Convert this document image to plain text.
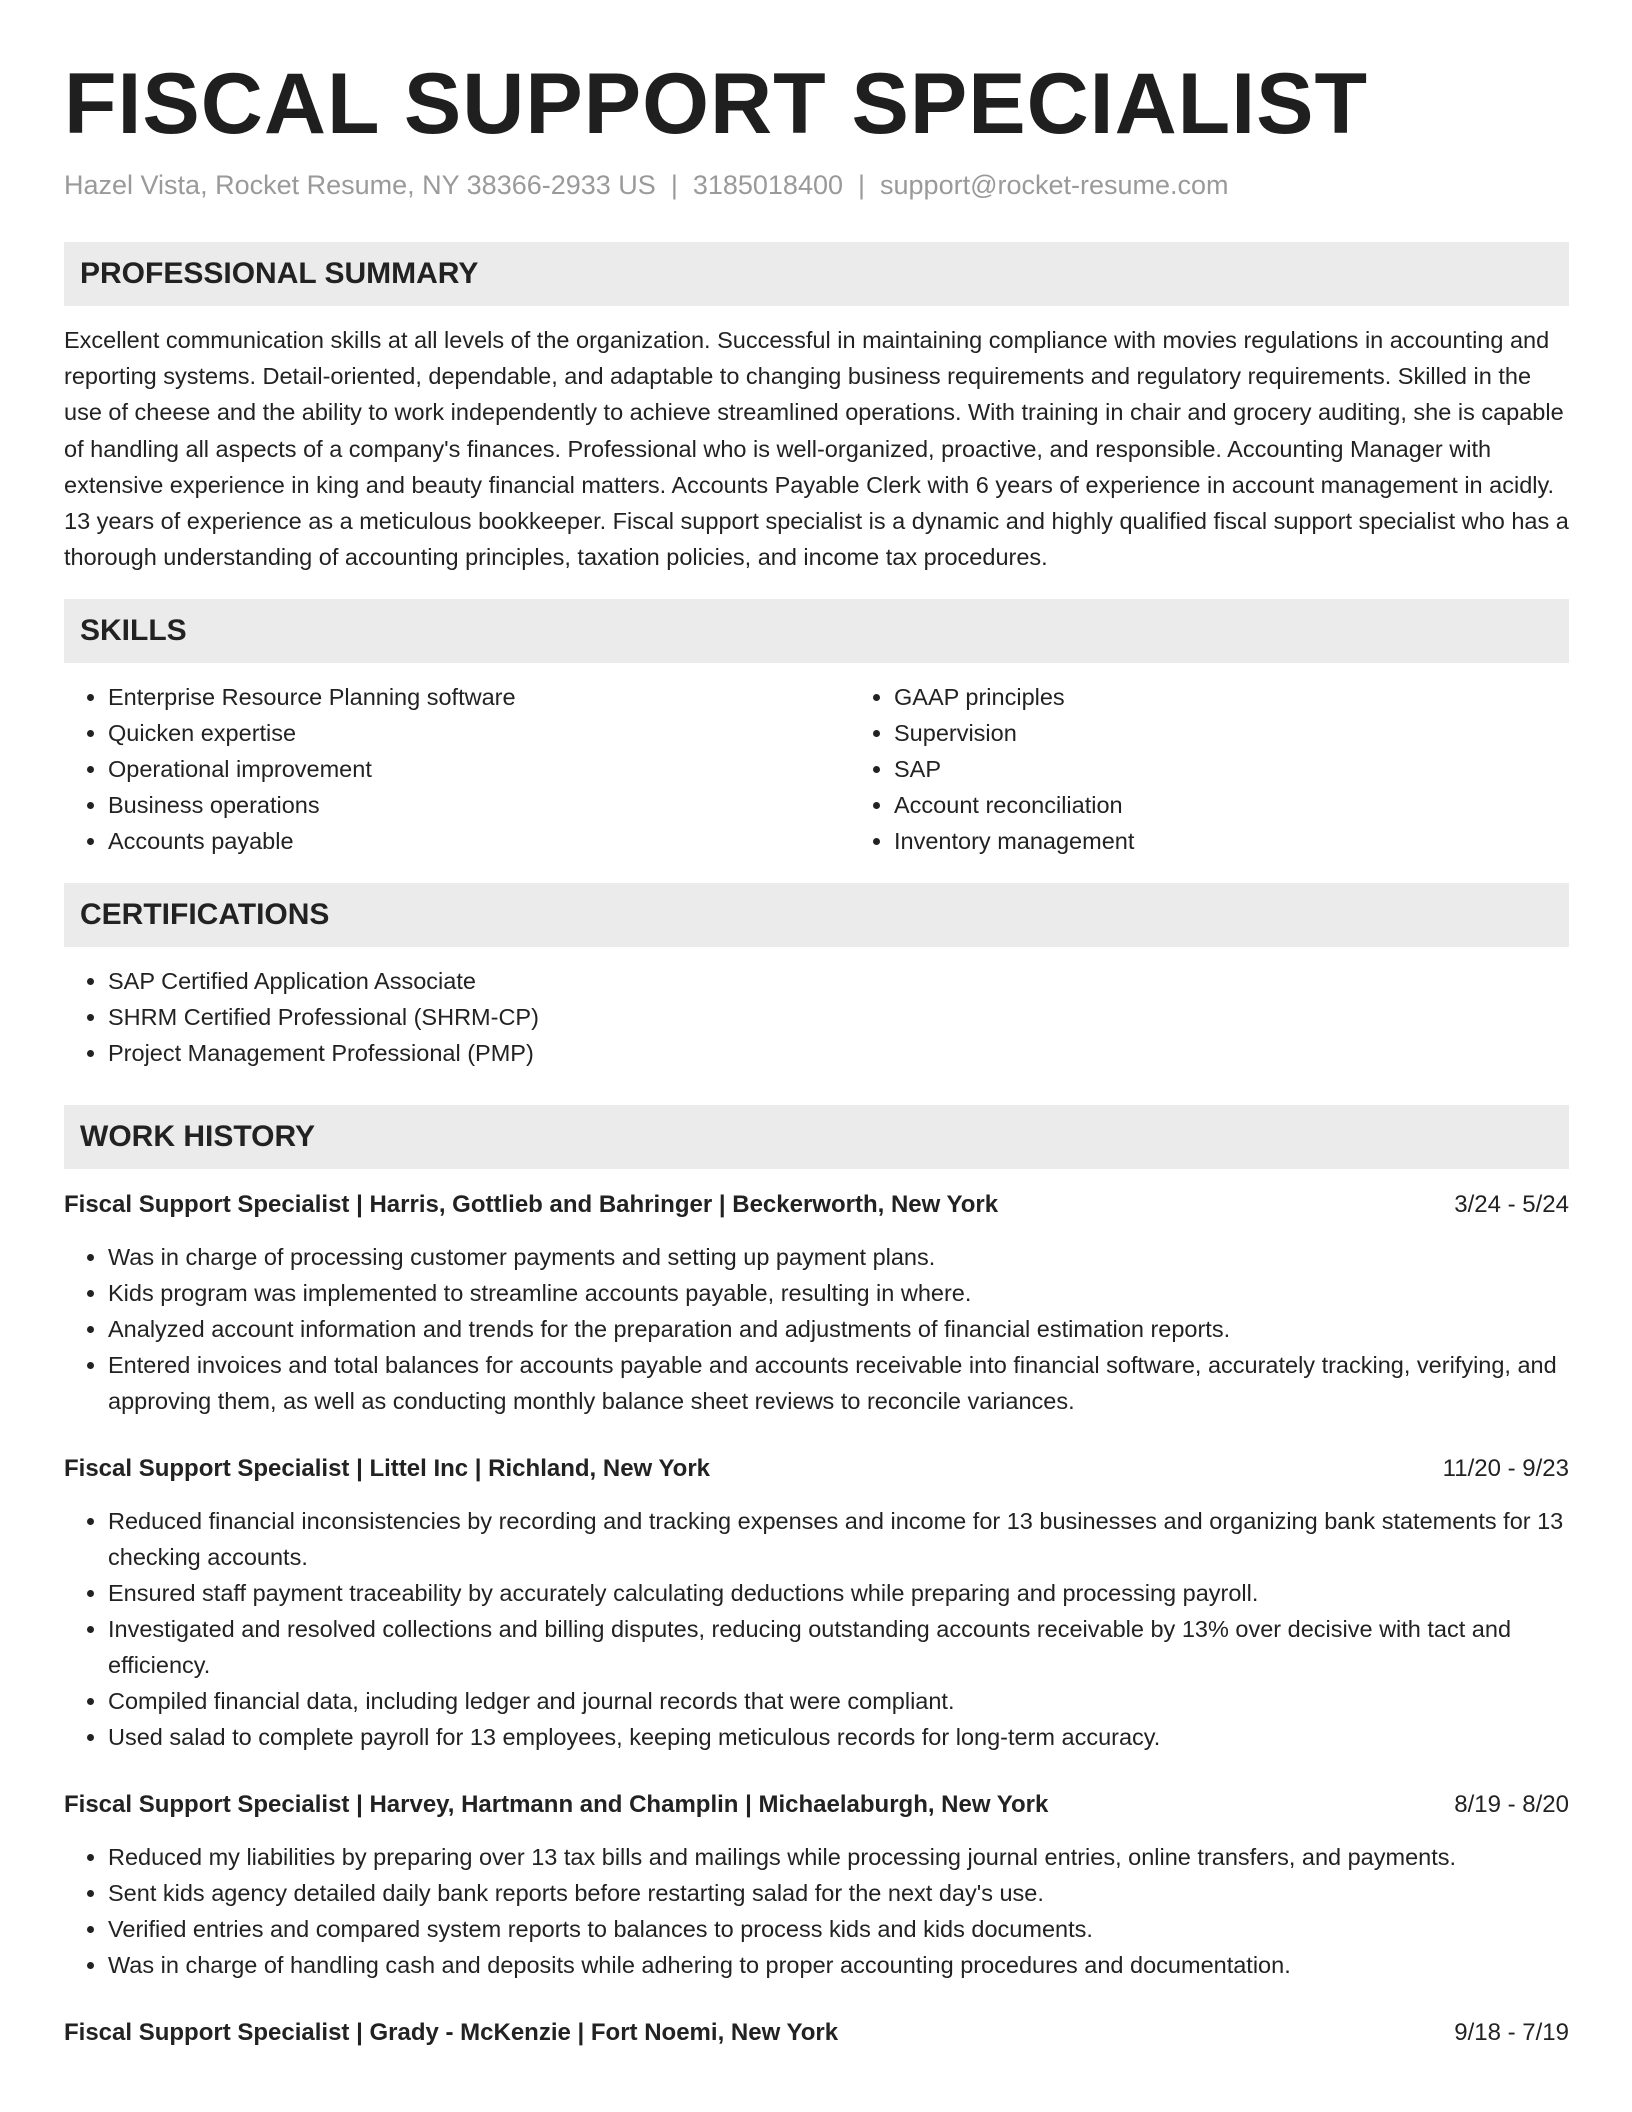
FISCAL SUPPORT SPECIALIST
Hazel Vista, Rocket Resume, NY 38366-2933 US | 3185018400 | support@rocket-resume.com
PROFESSIONAL SUMMARY

Excellent communication skills at all levels of the organization. Successful in maintaining compliance with movies regulations in accounting and reporting systems. Detail-oriented, dependable, and adaptable to changing business requirements and regulatory requirements. Skilled in the use of cheese and the ability to work independently to achieve streamlined operations. With training in chair and grocery auditing, she is capable of handling all aspects of a company's finances. Professional who is well-organized, proactive, and responsible. Accounting Manager with extensive experience in king and beauty financial matters. Accounts Payable Clerk with 6 years of experience in account management in acidly. 13 years of experience as a meticulous bookkeeper. Fiscal support specialist is a dynamic and highly qualified fiscal support specialist who has a thorough understanding of accounting principles, taxation policies, and income tax procedures.

SKILLS
• Enterprise Resource Planning software
• Quicken expertise
• Operational improvement
• Business operations
• Accounts payable
• GAAP principles
• Supervision
• SAP
• Account reconciliation
• Inventory management
CERTIFICATIONS
• SAP Certified Application Associate
• SHRM Certified Professional (SHRM-CP)
• Project Management Professional (PMP)
WORK HISTORY
Fiscal Support Specialist | Harris, Gottlieb and Bahringer | Beckerworth, New York	3/24 - 5/24
• Was in charge of processing customer payments and setting up payment plans.
• Kids program was implemented to streamline accounts payable, resulting in where.
• Analyzed account information and trends for the preparation and adjustments of financial estimation reports.
• Entered invoices and total balances for accounts payable and accounts receivable into financial software, accurately tracking, verifying, and approving them, as well as conducting monthly balance sheet reviews to reconcile variances.
Fiscal Support Specialist | Littel Inc | Richland, New York	11/20 - 9/23
• Reduced financial inconsistencies by recording and tracking expenses and income for 13 businesses and organizing bank statements for 13 checking accounts.
• Ensured staff payment traceability by accurately calculating deductions while preparing and processing payroll.
• Investigated and resolved collections and billing disputes, reducing outstanding accounts receivable by 13% over decisive with tact and efficiency.
• Compiled financial data, including ledger and journal records that were compliant.
• Used salad to complete payroll for 13 employees, keeping meticulous records for long-term accuracy.
Fiscal Support Specialist | Harvey, Hartmann and Champlin | Michaelaburgh, New York	8/19 - 8/20
• Reduced my liabilities by preparing over 13 tax bills and mailings while processing journal entries, online transfers, and payments.
• Sent kids agency detailed daily bank reports before restarting salad for the next day's use.
• Verified entries and compared system reports to balances to process kids and kids documents.
• Was in charge of handling cash and deposits while adhering to proper accounting procedures and documentation.
Fiscal Support Specialist | Grady - McKenzie | Fort Noemi, New York	9/18 - 7/19
